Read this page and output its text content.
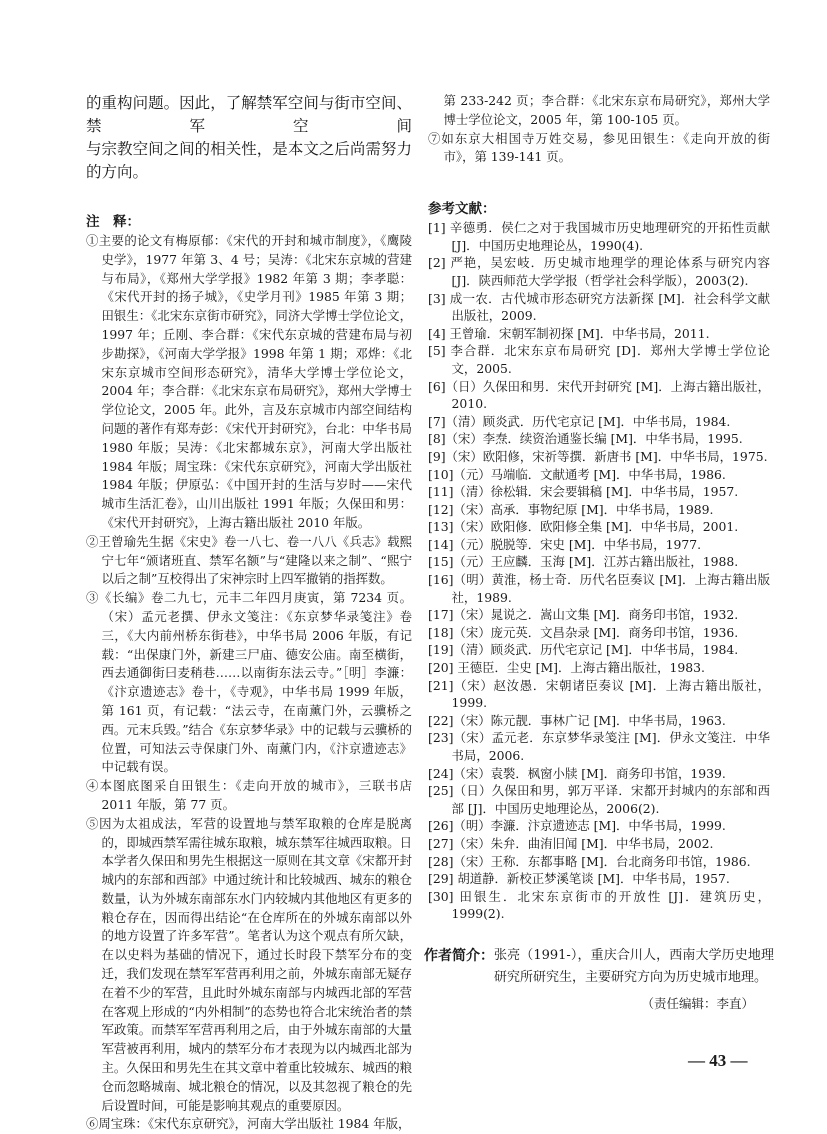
的重构问题。因此，了解禁军空间与街市空间、禁军空间

与宗教空间之间的相关性，是本文之后尚需努力的方向。

注　释：

①主要的论文有梅原郁：《宋代的开封和城市制度》，《鹰陵史学》，1977 年第 3、4 号；吴涛：《北宋东京城的营建与布局》，《郑州大学学报》1982 年第 3 期；李孝聪：《宋代开封的扬子城》，《史学月刊》1985 年第 3 期；田银生：《北宋东京街市研究》，同济大学博士学位论文，1997 年；丘刚、李合群：《宋代东京城的营建布局与初步勘探》，《河南大学学报》1998 年第 1 期；邓烨：《北宋东京城市空间形态研究》，清华大学博士学位论文，2004 年；李合群：《北宋东京布局研究》，郑州大学博士学位论文，2005 年。此外，言及东京城市内部空间结构问题的著作有郑寿彭：《宋代开封研究》，台北：中华书局 1980 年版；吴涛：《北宋都城东京》，河南大学出版社 1984 年版；周宝珠：《宋代东京研究》，河南大学出版社 1984 年版；伊原弘：《中国开封的生活与岁时——宋代城市生活汇卷》，山川出版社 1991 年版；久保田和男：《宋代开封研究》，上海古籍出版社 2010 年版。

②王曾瑜先生据《宋史》卷一八七、卷一八八《兵志》载熙宁七年“颁诸班直、禁军名额”与“建隆以来之制”、“熙宁以后之制”互校得出了宋神宗时上四军撤销的指挥数。

③《长编》卷二九七，元丰二年四月庚寅，第 7234 页。（宋）孟元老撰、伊永文笺注：《东京梦华录笺注》卷三，《大内前州桥东街巷》，中华书局 2006 年版，有记载：“出保康门外，新建三尸庙、德安公庙。南至横街，西去通御街曰麦稍巷……以南街东法云寺。”［明］李濂：《汴京遗迹志》卷十，《寺观》，中华书局 1999 年版，第 161 页，有记载：“法云寺，在南薰门外，云骥桥之西。元末兵毁。”结合《东京梦华录》中的记载与云骥桥的位置，可知法云寺保康门外、南薰门内，《汴京遗迹志》中记载有误。

④本图底图采自田银生：《走向开放的城市》，三联书店 2011 年版，第 77 页。

⑤因为太祖成法，军营的设置地与禁军取粮的仓库是脱离的，即城西禁军需往城东取粮，城东禁军往城西取粮。日本学者久保田和男先生根据这一原则在其文章《宋都开封城内的东部和西部》中通过统计和比较城西、城东的粮仓数量，认为外城东南部东水门内较城内其他地区有更多的粮仓存在，因而得出结论“在仓库所在的外城东南部以外的地方设置了许多军营”。笔者认为这个观点有所欠缺，在以史料为基础的情况下，通过长时段下禁军分布的变迁，我们发现在禁军军营再利用之前，外城东南部无疑存在着不少的军营，且此时外城东南部与内城西北部的军营在客观上形成的“内外相制”的态势也符合北宋统治者的禁军政策。而禁军军营再利用之后，由于外城东南部的大量军营被再利用，城内的禁军分布才表现为以内城西北部为主。久保田和男先生在其文章中着重比较城东、城西的粮仓而忽略城南、城北粮仓的情况，以及其忽视了粮仓的先后设置时间，可能是影响其观点的重要原因。

⑥周宝珠：《宋代东京研究》，河南大学出版社 1984 年版，

第 233-242 页；李合群：《北宋东京布局研究》，郑州大学博士学位论文，2005 年，第 100-105 页。

⑦如东京大相国寺万姓交易，参见田银生：《走向开放的街市》，第 139-141 页。

参考文献：

[1] 辛德勇．侯仁之对于我国城市历史地理研究的开拓性贡献 [J]．中国历史地理论丛，1990(4).

[2] 严艳，吴宏岐．历史城市地理学的理论体系与研究内容 [J]．陕西师范大学学报（哲学社会科学版），2003(2).

[3] 成一农．古代城市形态研究方法新探 [M]．社会科学文献出版社，2009.

[4] 王曾瑜．宋朝军制初探 [M]．中华书局，2011.

[5] 李合群．北宋东京布局研究 [D]．郑州大学博士学位论文，2005.

[6]（日）久保田和男．宋代开封研究 [M]．上海古籍出版社，2010.

[7]（清）顾炎武．历代宅京记 [M]．中华书局，1984.

[8]（宋）李焘．续资治通鉴长编 [M]．中华书局，1995.

[9]（宋）欧阳修，宋祈等撰．新唐书 [M]．中华书局，1975.

[10]（元）马端临．文献通考 [M]．中华书局，1986.

[11]（清）徐松辑．宋会要辑稿 [M]．中华书局，1957.

[12]（宋）高承．事物纪原 [M]．中华书局，1989.

[13]（宋）欧阳修．欧阳修全集 [M]．中华书局，2001.

[14]（元）脱脱等．宋史 [M]．中华书局，1977.

[15]（元）王应麟．玉海 [M]．江苏古籍出版社，1988.

[16]（明）黄淮，杨士奇．历代名臣奏议 [M]．上海古籍出版社，1989.

[17]（宋）晁说之．嵩山文集 [M]．商务印书馆，1932.

[18]（宋）庞元英．文昌杂录 [M]．商务印书馆，1936.

[19]（清）顾炎武．历代宅京记 [M]．中华书局，1984.

[20] 王德臣．尘史 [M]．上海古籍出版社，1983.

[21]（宋）赵汝愚．宋朝诸臣奏议 [M]．上海古籍出版社，1999.

[22]（宋）陈元靓．事林广记 [M]．中华书局，1963.

[23]（宋）孟元老．东京梦华录笺注 [M]．伊永文笺注．中华书局，2006.

[24]（宋）袁褧．枫窗小牍 [M]．商务印书馆，1939.

[25]（日）久保田和男，郭万平译．宋都开封城内的东部和西部 [J]．中国历史地理论丛，2006(2).

[26]（明）李濂．汴京遗迹志 [M]．中华书局，1999.

[27]（宋）朱弁．曲洧旧闻 [M]．中华书局，2002.

[28]（宋）王称．东都事略 [M]．台北商务印书馆，1986.

[29] 胡道静．新校正梦溪笔谈 [M]．中华书局，1957.

[30] 田银生．北宋东京街市的开放性 [J]．建筑历史，1999(2).

作者简介： 张亮（1991-），重庆合川人，西南大学历史地理研究所研究生，主要研究方向为历史城市地理。
（责任编辑：李直）
— 43 —
